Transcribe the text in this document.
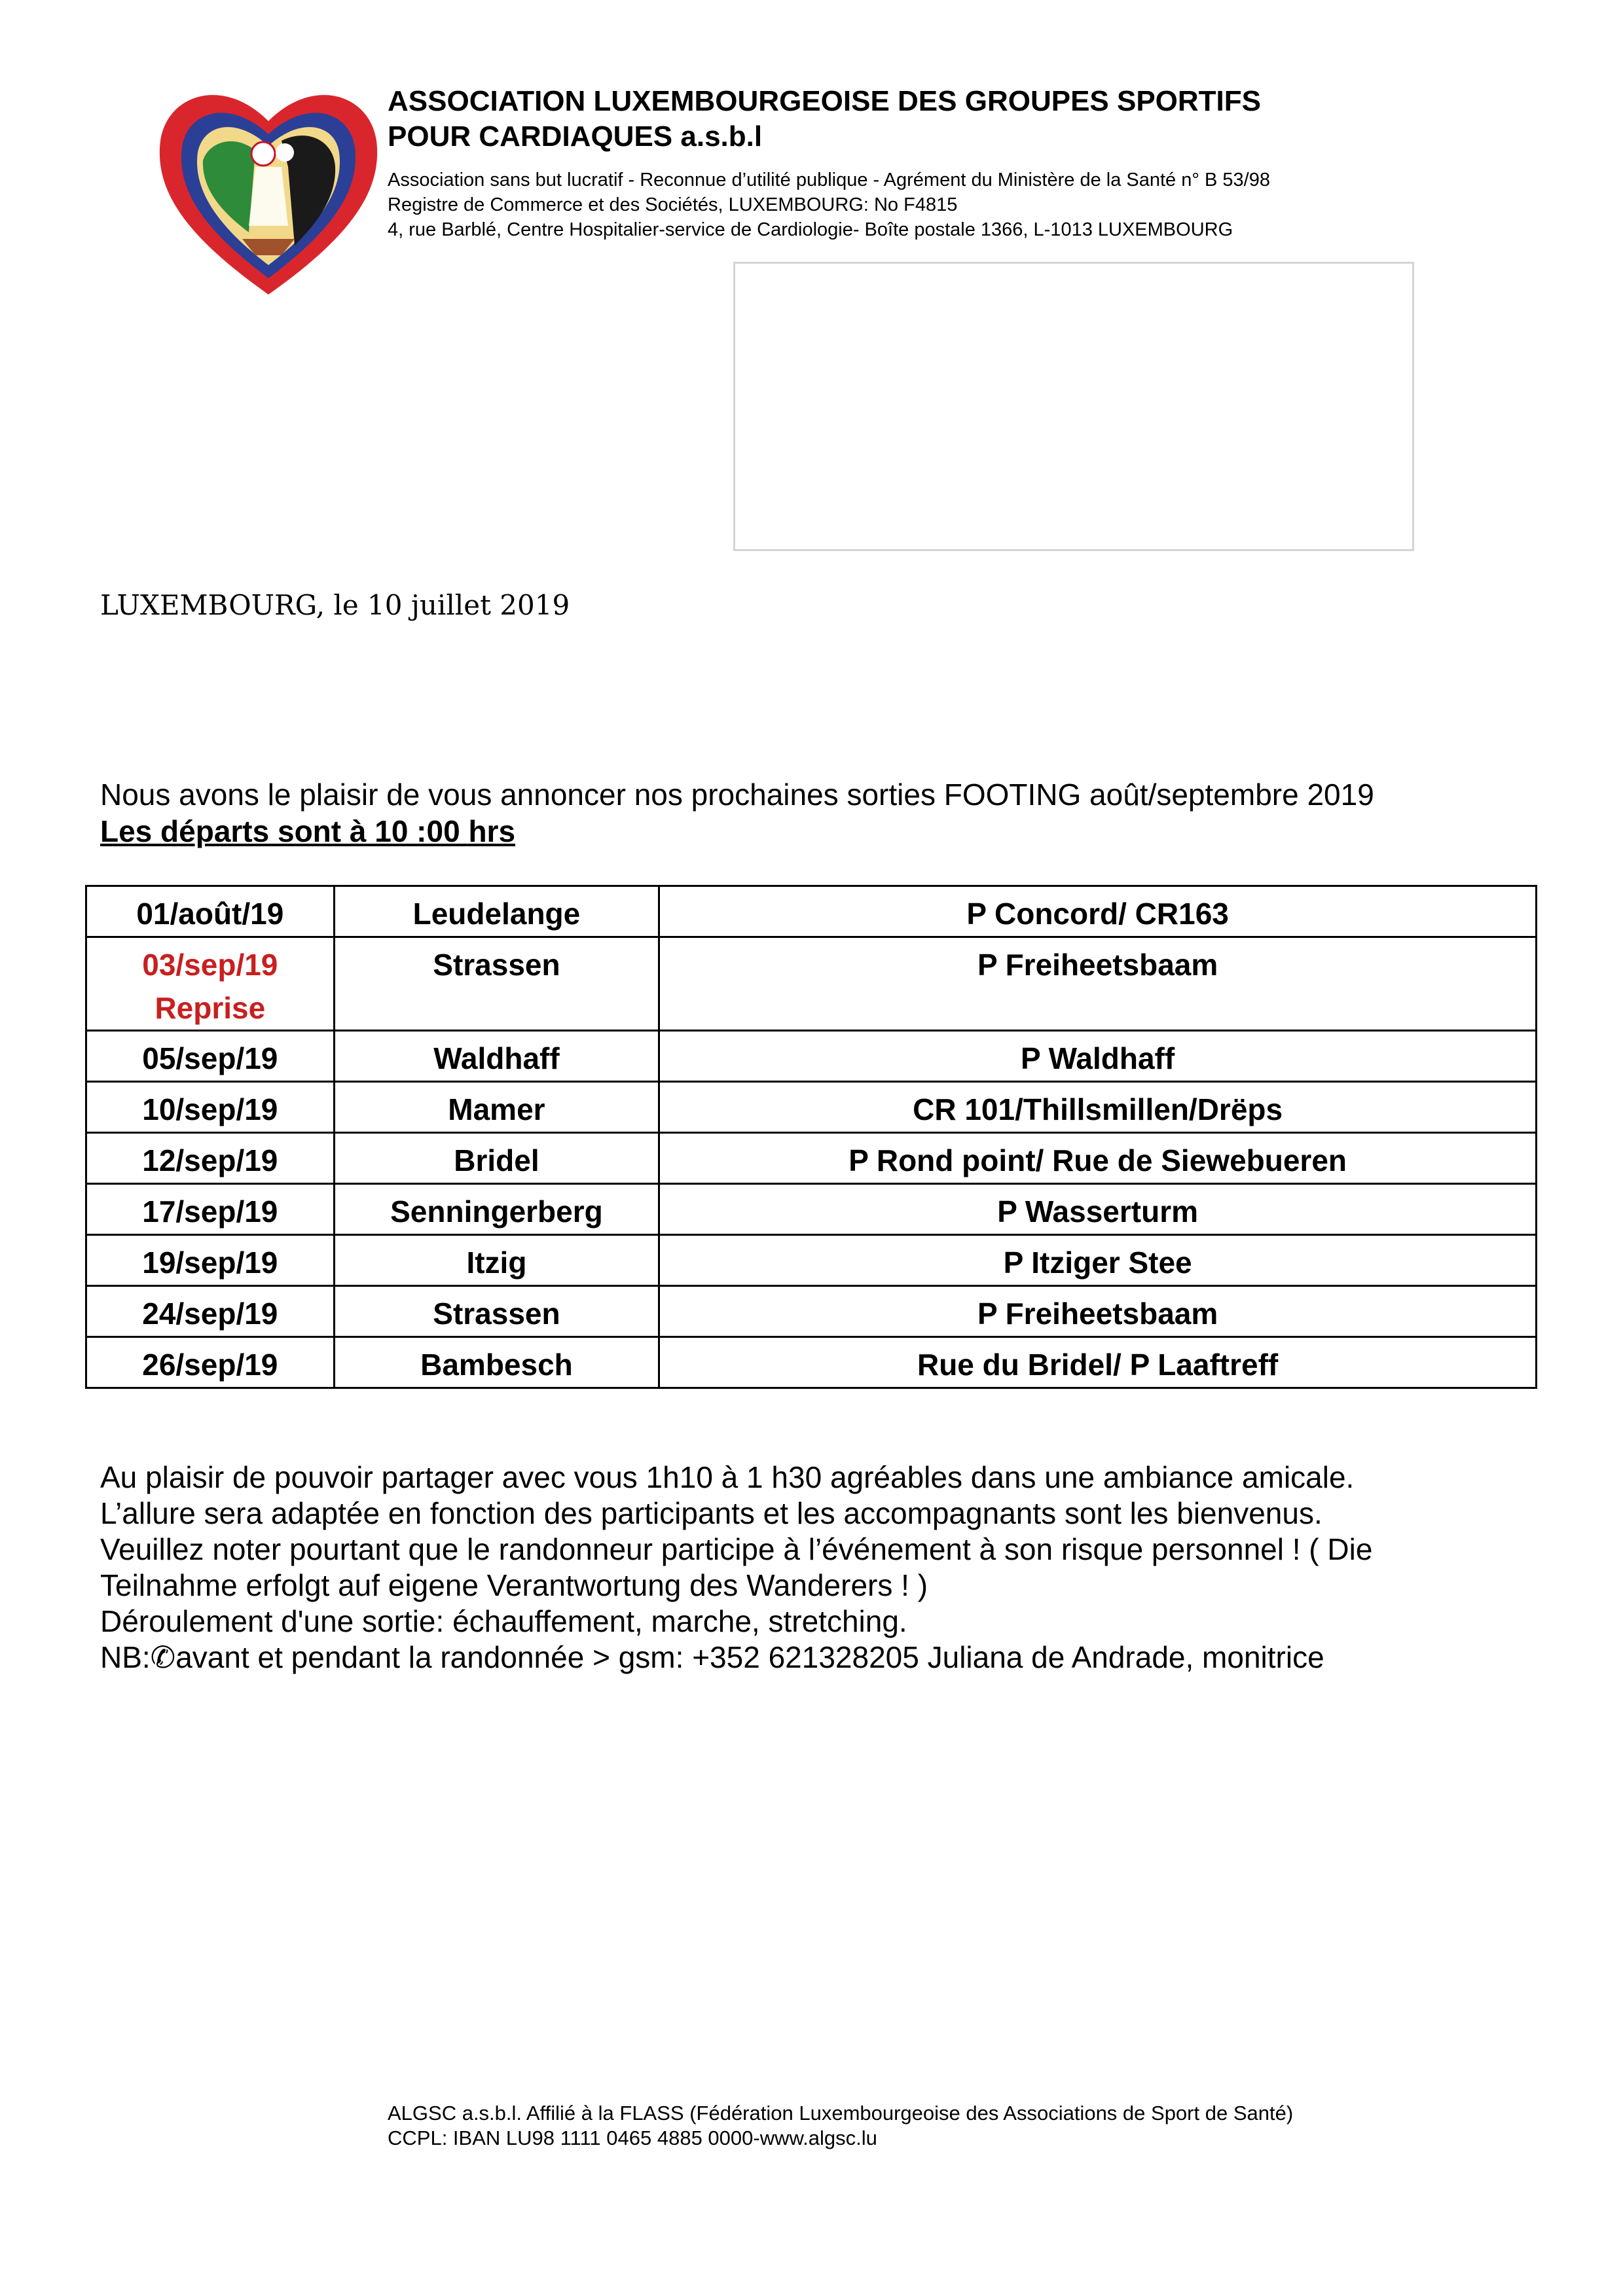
ASSOCIATION LUXEMBOURGEOISE DES GROUPES SPORTIFS

POUR CARDIAQUES a.s.b.l

Association sans but lucratif - Reconnue d’utilité publique - Agrément du Ministère de la Santé n° B 53/98

Registre de Commerce et des Sociétés, LUXEMBOURG: No F4815

4, rue Barblé, Centre Hospitalier-service de Cardiologie- Boîte postale 1366, L-1013 LUXEMBOURG

LUXEMBOURG, le 10 juillet 2019

Nous avons le plaisir de vous annoncer nos prochaines sorties FOOTING août/septembre 2019

Les départs sont à 10 :00 hrs

01/août/19	Leudelange	P Concord/ CR163

03/sep/19
Reprise	Strassen	P Freiheetsbaam
05/sep/19	Waldhaff	P Waldhaff
10/sep/19	Mamer	CR 101/Thillsmillen/Drëps
12/sep/19	Bridel	P Rond point/ Rue de Siewebueren
17/sep/19	Senningerberg	P Wasserturm
19/sep/19	Itzig	P Itziger Stee
24/sep/19	Strassen	P Freiheetsbaam
26/sep/19	Bambesch	Rue du Bridel/ P Laaftreff

Au plaisir de pouvoir partager avec vous 1h10 à 1 h30 agréables dans une ambiance amicale.

L’allure sera adaptée en fonction des participants et les accompagnants sont les bienvenus.

Veuillez noter pourtant que le randonneur participe à l’événement à son risque personnel ! ( Die

Teilnahme erfolgt auf eigene Verantwortung des Wanderers ! )

Déroulement d'une sortie: échauffement, marche, stretching.

NB:✆avant et pendant la randonnée > gsm: +352 621328205 Juliana de Andrade, monitrice

ALGSC a.s.b.l. Affilié à la FLASS (Fédération Luxembourgeoise des Associations de Sport de Santé)

CCPL: IBAN LU98 1111 0465 4885 0000-www.algsc.lu
